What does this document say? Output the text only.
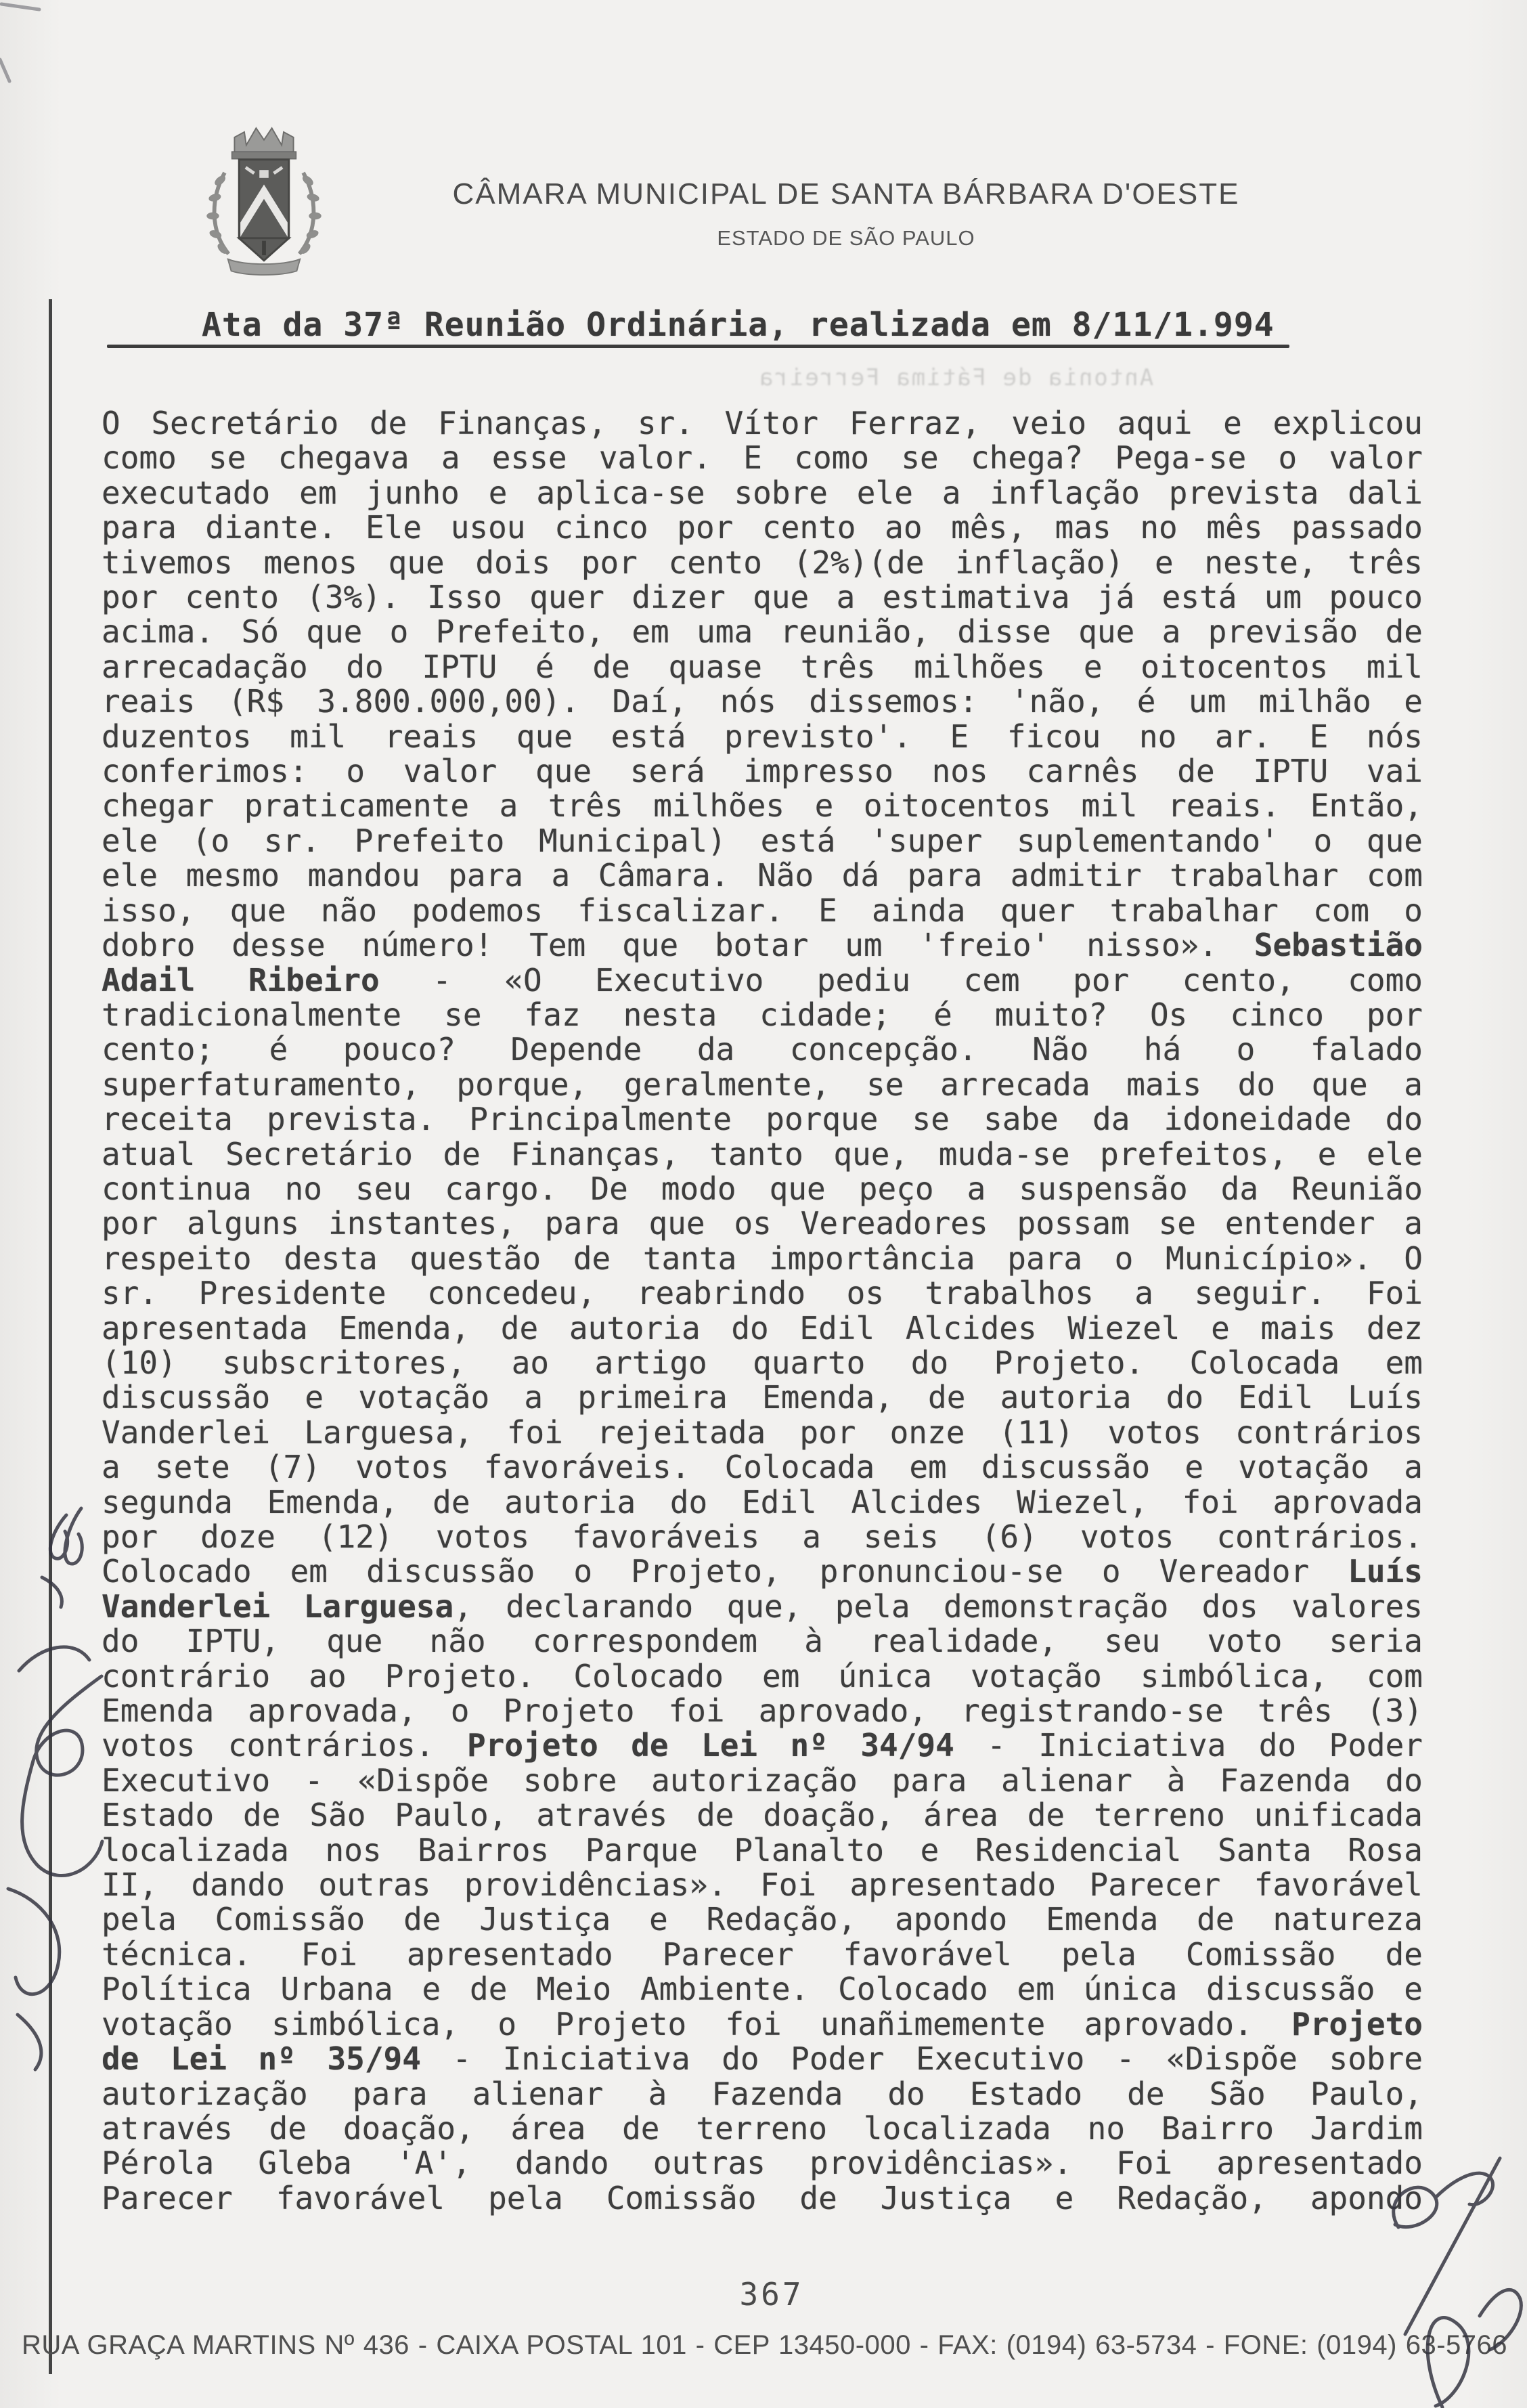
CÂMARA MUNICIPAL DE SANTA BÁRBARA D'OESTE
ESTADO DE SÃO PAULO
Antonia de Fátima Ferreira
Ata da 37ª Reunião Ordinária, realizada em 8/11/1.994
O Secretário de Finanças, sr. Vítor Ferraz, veio aqui e explicou
como se chegava a esse valor. E como se chega? Pega-se o valor
executado em junho e aplica-se sobre ele a inflação prevista dali
para diante. Ele usou cinco por cento ao mês, mas no mês passado
tivemos menos que dois por cento (2%)(de inflação) e neste, três
por cento (3%). Isso quer dizer que a estimativa já está um pouco
acima. Só que o Prefeito, em uma reunião, disse que a previsão de
arrecadação do IPTU é de quase três milhões e oitocentos mil
reais (R$ 3.800.000,00). Daí, nós dissemos: 'não, é um milhão e
duzentos mil reais que está previsto'. E ficou no ar. E nós
conferimos: o valor que será impresso nos carnês de IPTU vai
chegar praticamente a três milhões e oitocentos mil reais. Então,
ele (o sr. Prefeito Municipal) está 'super suplementando' o que
ele mesmo mandou para a Câmara. Não dá para admitir trabalhar com
isso, que não podemos fiscalizar. E ainda quer trabalhar com o
dobro desse número! Tem que botar um 'freio' nisso». Sebastião
Adail Ribeiro - «O Executivo pediu cem por cento, como
tradicionalmente se faz nesta cidade; é muito? Os cinco por
cento; é pouco? Depende da concepção. Não há o falado
superfaturamento, porque, geralmente, se arrecada mais do que a
receita prevista. Principalmente porque se sabe da idoneidade do
atual Secretário de Finanças, tanto que, muda-se prefeitos, e ele
continua no seu cargo. De modo que peço a suspensão da Reunião
por alguns instantes, para que os Vereadores possam se entender a
respeito desta questão de tanta importância para o Município». O
sr. Presidente concedeu, reabrindo os trabalhos a seguir. Foi
apresentada Emenda, de autoria do Edil Alcides Wiezel e mais dez
(10) subscritores, ao artigo quarto do Projeto. Colocada em
discussão e votação a primeira Emenda, de autoria do Edil Luís
Vanderlei Larguesa, foi rejeitada por onze (11) votos contrários
a sete (7) votos favoráveis. Colocada em discussão e votação a
segunda Emenda, de autoria do Edil Alcides Wiezel, foi aprovada
por doze (12) votos favoráveis a seis (6) votos contrários.
Colocado em discussão o Projeto, pronunciou-se o Vereador Luís
Vanderlei Larguesa, declarando que, pela demonstração dos valores
do IPTU, que não correspondem à realidade, seu voto seria
contrário ao Projeto. Colocado em única votação simbólica, com
Emenda aprovada, o Projeto foi aprovado, registrando-se três (3)
votos contrários. Projeto de Lei nº 34/94 - Iniciativa do Poder
Executivo - «Dispõe sobre autorização para alienar à Fazenda do
Estado de São Paulo, através de doação, área de terreno unificada
localizada nos Bairros Parque Planalto e Residencial Santa Rosa
II, dando outras providências». Foi apresentado Parecer favorável
pela Comissão de Justiça e Redação, apondo Emenda de natureza
técnica. Foi apresentado Parecer favorável pela Comissão de
Política Urbana e de Meio Ambiente. Colocado em única discussão e
votação simbólica, o Projeto foi unañimemente aprovado. Projeto
de Lei nº 35/94 - Iniciativa do Poder Executivo - «Dispõe sobre
autorização para alienar à Fazenda do Estado de São Paulo,
através de doação, área de terreno localizada no Bairro Jardim
Pérola Gleba 'A', dando outras providências». Foi apresentado
Parecer favorável pela Comissão de Justiça e Redação, apondo
367
RUA GRAÇA MARTINS Nº 436 - CAIXA POSTAL 101 - CEP 13450-000 - FAX: (0194) 63-5734 - FONE: (0194) 63-5766
